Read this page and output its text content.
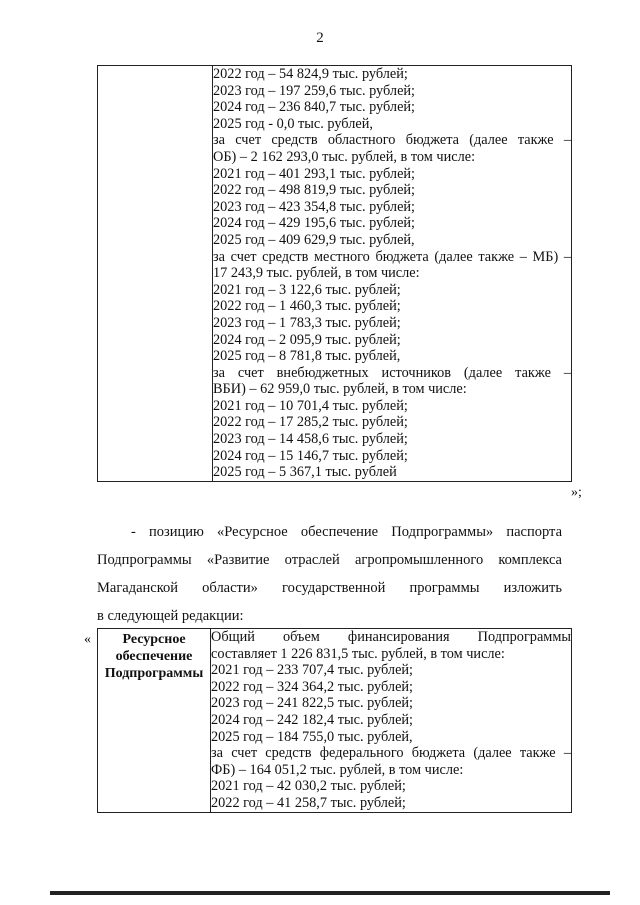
2

2022 год – 54 824,9 тыс. рублей;
2023 год – 197 259,6 тыс. рублей;
2024 год – 236 840,7 тыс. рублей;
2025 год - 0,0 тыс. рублей,
за счет средств областного бюджета (далее также –
ОБ) – 2 162 293,0 тыс. рублей, в том числе:
2021 год – 401 293,1 тыс. рублей;
2022 год – 498 819,9 тыс. рублей;
2023 год – 423 354,8 тыс. рублей;
2024 год – 429 195,6 тыс. рублей;
2025 год – 409 629,9 тыс. рублей,
за счет средств местного бюджета (далее также – МБ) –
17 243,9 тыс. рублей, в том числе:
2021 год – 3 122,6 тыс. рублей;
2022 год – 1 460,3 тыс. рублей;
2023 год – 1 783,3 тыс. рублей;
2024 год – 2 095,9 тыс. рублей;
2025 год – 8 781,8 тыс. рублей,
за счет внебюджетных источников (далее также –
ВБИ) – 62 959,0 тыс. рублей, в том числе:
2021 год – 10 701,4 тыс. рублей;
2022 год – 17 285,2 тыс. рублей;
2023 год – 14 458,6 тыс. рублей;
2024 год – 15 146,7 тыс. рублей;
2025 год – 5 367,1 тыс. рублей
»;
- позицию «Ресурсное обеспечение Подпрограммы» паспорта
Подпрограммы «Развитие отраслей агропромышленного комплекса
Магаданской области» государственной программы изложить
в следующей редакции:
«	Ресурсное
обеспечение
Подпрограммы

Общий объем финансирования Подпрограммы
составляет 1 226 831,5 тыс. рублей, в том числе:
2021 год – 233 707,4 тыс. рублей;
2022 год – 324 364,2 тыс. рублей;
2023 год – 241 822,5 тыс. рублей;
2024 год – 242 182,4 тыс. рублей;
2025 год – 184 755,0 тыс. рублей,
за счет средств федерального бюджета (далее также –
ФБ) – 164 051,2 тыс. рублей, в том числе:
2021 год – 42 030,2 тыс. рублей;
2022 год – 41 258,7 тыс. рублей;
